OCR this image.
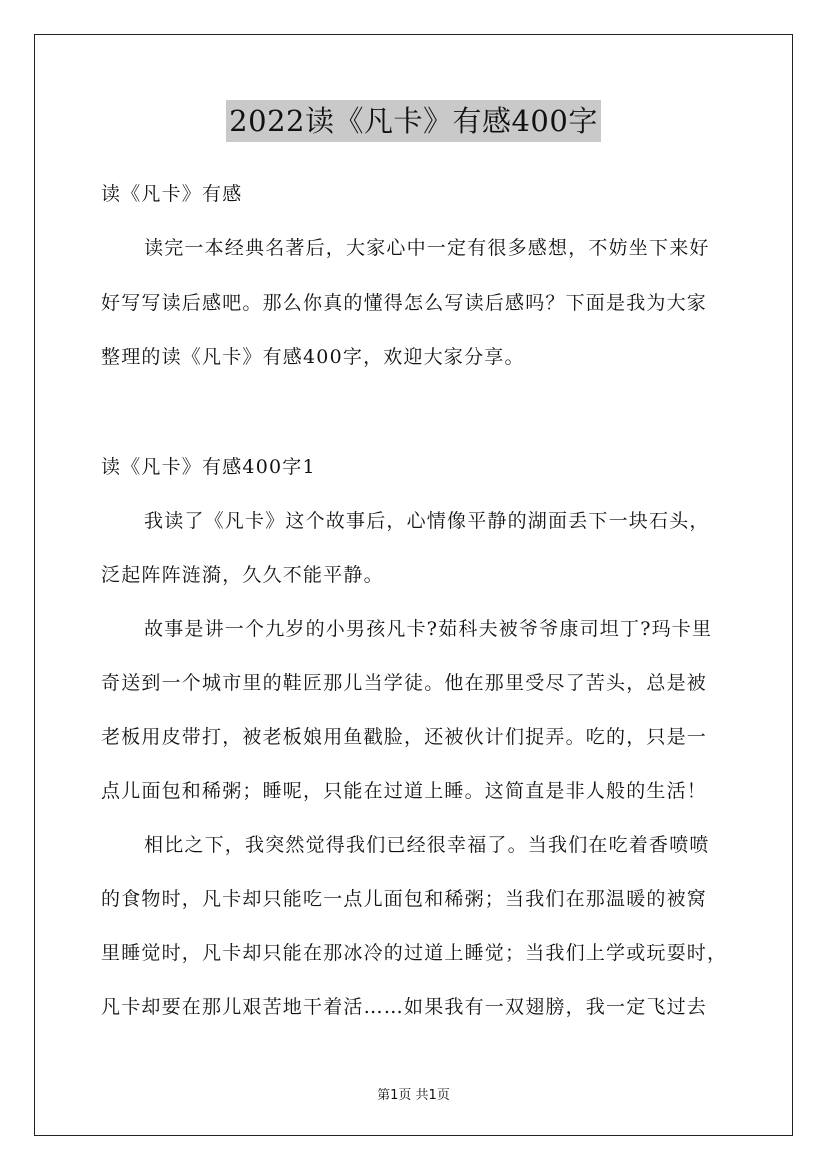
2022读《凡卡》有感400字
读《凡卡》有感
读完一本经典名著后，大家心中一定有很多感想，不妨坐下来好
好写写读后感吧。那么你真的懂得怎么写读后感吗？下面是我为大家
整理的读《凡卡》有感400字，欢迎大家分享。
读《凡卡》有感400字1
我读了《凡卡》这个故事后，心情像平静的湖面丢下一块石头，
泛起阵阵涟漪，久久不能平静。
故事是讲一个九岁的小男孩凡卡?茹科夫被爷爷康司坦丁?玛卡里
奇送到一个城市里的鞋匠那儿当学徒。他在那里受尽了苦头，总是被
老板用皮带打，被老板娘用鱼戳脸，还被伙计们捉弄。吃的，只是一
点儿面包和稀粥；睡呢，只能在过道上睡。这简直是非人般的生活！
相比之下，我突然觉得我们已经很幸福了。当我们在吃着香喷喷
的食物时，凡卡却只能吃一点儿面包和稀粥；当我们在那温暖的被窝
里睡觉时，凡卡却只能在那冰冷的过道上睡觉；当我们上学或玩耍时，
凡卡却要在那儿艰苦地干着活……如果我有一双翅膀，我一定飞过去
第1页 共1页
